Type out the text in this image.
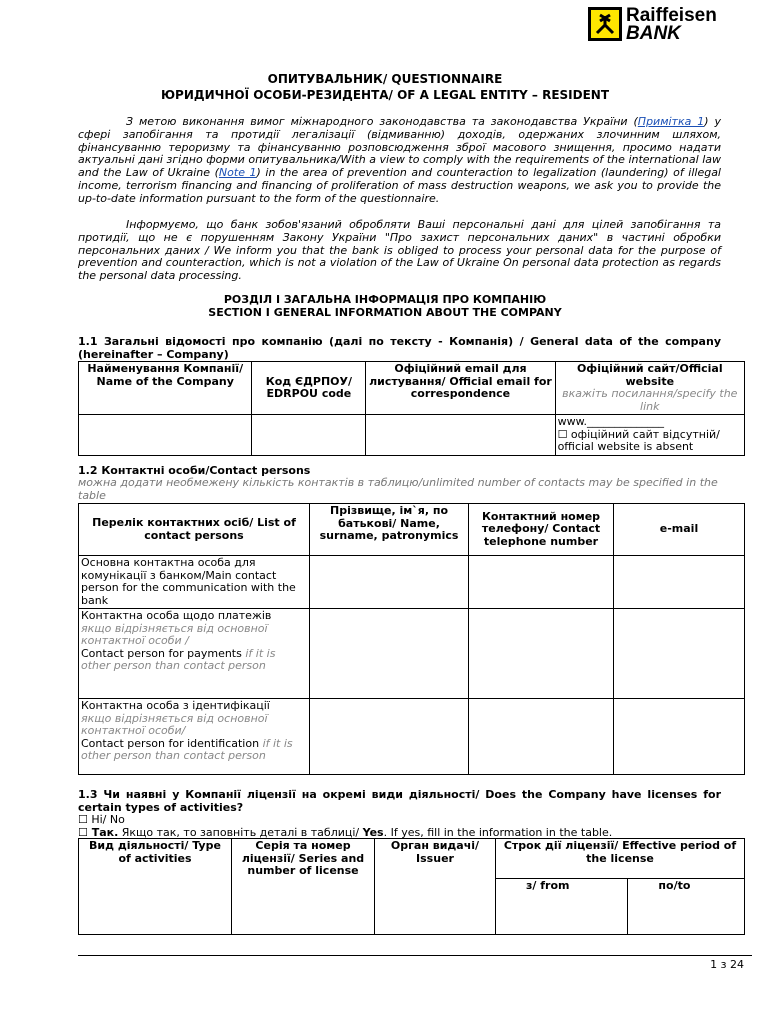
Raiffeisen
BANK
ОПИТУВАЛЬНИК/ QUESTIONNAIRE
ЮРИДИЧНОЇ ОСОБИ-РЕЗИДЕНТА/ OF A LEGAL ENTITY – RESIDENT
З метою виконання вимог міжнародного законодавства та законодавства України (Примітка 1) у сфері запобігання та протидії легалізації (відмиванню) доходів, одержаних злочинним шляхом, фінансуванню тероризму та фінансуванню розповсюдження зброї масового знищення, просимо надати актуальні дані згідно форми опитувальника/With a view to comply with the requirements of the international law and the Law of Ukraine (Note 1) in the area of prevention and counteraction to legalization (laundering) of illegal income, terrorism financing and financing of proliferation of mass destruction weapons, we ask you to provide the up-to-date information pursuant to the form of the questionnaire.
Інформуємо, що банк зобов'язаний обробляти Ваші персональні дані для цілей запобігання та протидії, що не є порушенням Закону України "Про захист персональних даних" в частині обробки персональних даних / We inform you that the bank is obliged to process your personal data for the purpose of prevention and counteraction, which is not a violation of the Law of Ukraine On personal data protection as regards the personal data processing.
РОЗДІЛ І ЗАГАЛЬНА ІНФОРМАЦІЯ ПРО КОМПАНІЮ
SECTION I GENERAL INFORMATION ABOUT THE COMPANY
1.1 Загальні відомості про компанію (далі по тексту - Компанія) / General data of the company (hereinafter – Company)
Найменування Компанії/ Name of the Company	Код ЄДРПОУ/ EDRPOU code	Офіційний email для листування/ Official email for correspondence	Офіційний сайт/Official website
вкажіть посилання/specify the link

			www.______________
☐ офіційний сайт відсутній/ official website is absent
1.2 Контактні особи/Contact persons
можна додати необмежену кількість контактів в таблицю/unlimited number of contacts may be specified in the table
Перелік контактних осіб/ List of contact persons	Прізвище, ім`я, по батькові/ Name, surname, patronymics	Контактний номер телефону/ Contact telephone number	e-mail
Основна контактна особа для комунікації з банком/Main contact person for the communication with the bank			
Контактна особа щодо платежів
якщо відрізняється від основної контактної особи /
Contact person for payments if it is other person than contact person			
Контактна особа з ідентифікації
якщо відрізняється від основної контактної особи/
Contact person for identification if it is other person than contact person			
1.3 Чи наявні у Компанії ліцензії на окремі види діяльності/ Does the Company have licenses for certain types of activities?
☐ Ні/ No
☐ Так. Якщо так, то заповніть деталі в таблиці/ Yes. If yes, fill in the information in the table.
Вид діяльності/ Type of activities	Серія та номер ліцензії/ Series and number of license	Орган видачі/ Issuer	Строк дії ліцензії/ Effective period of the license	
			з/ from	по/to
1 з 24
